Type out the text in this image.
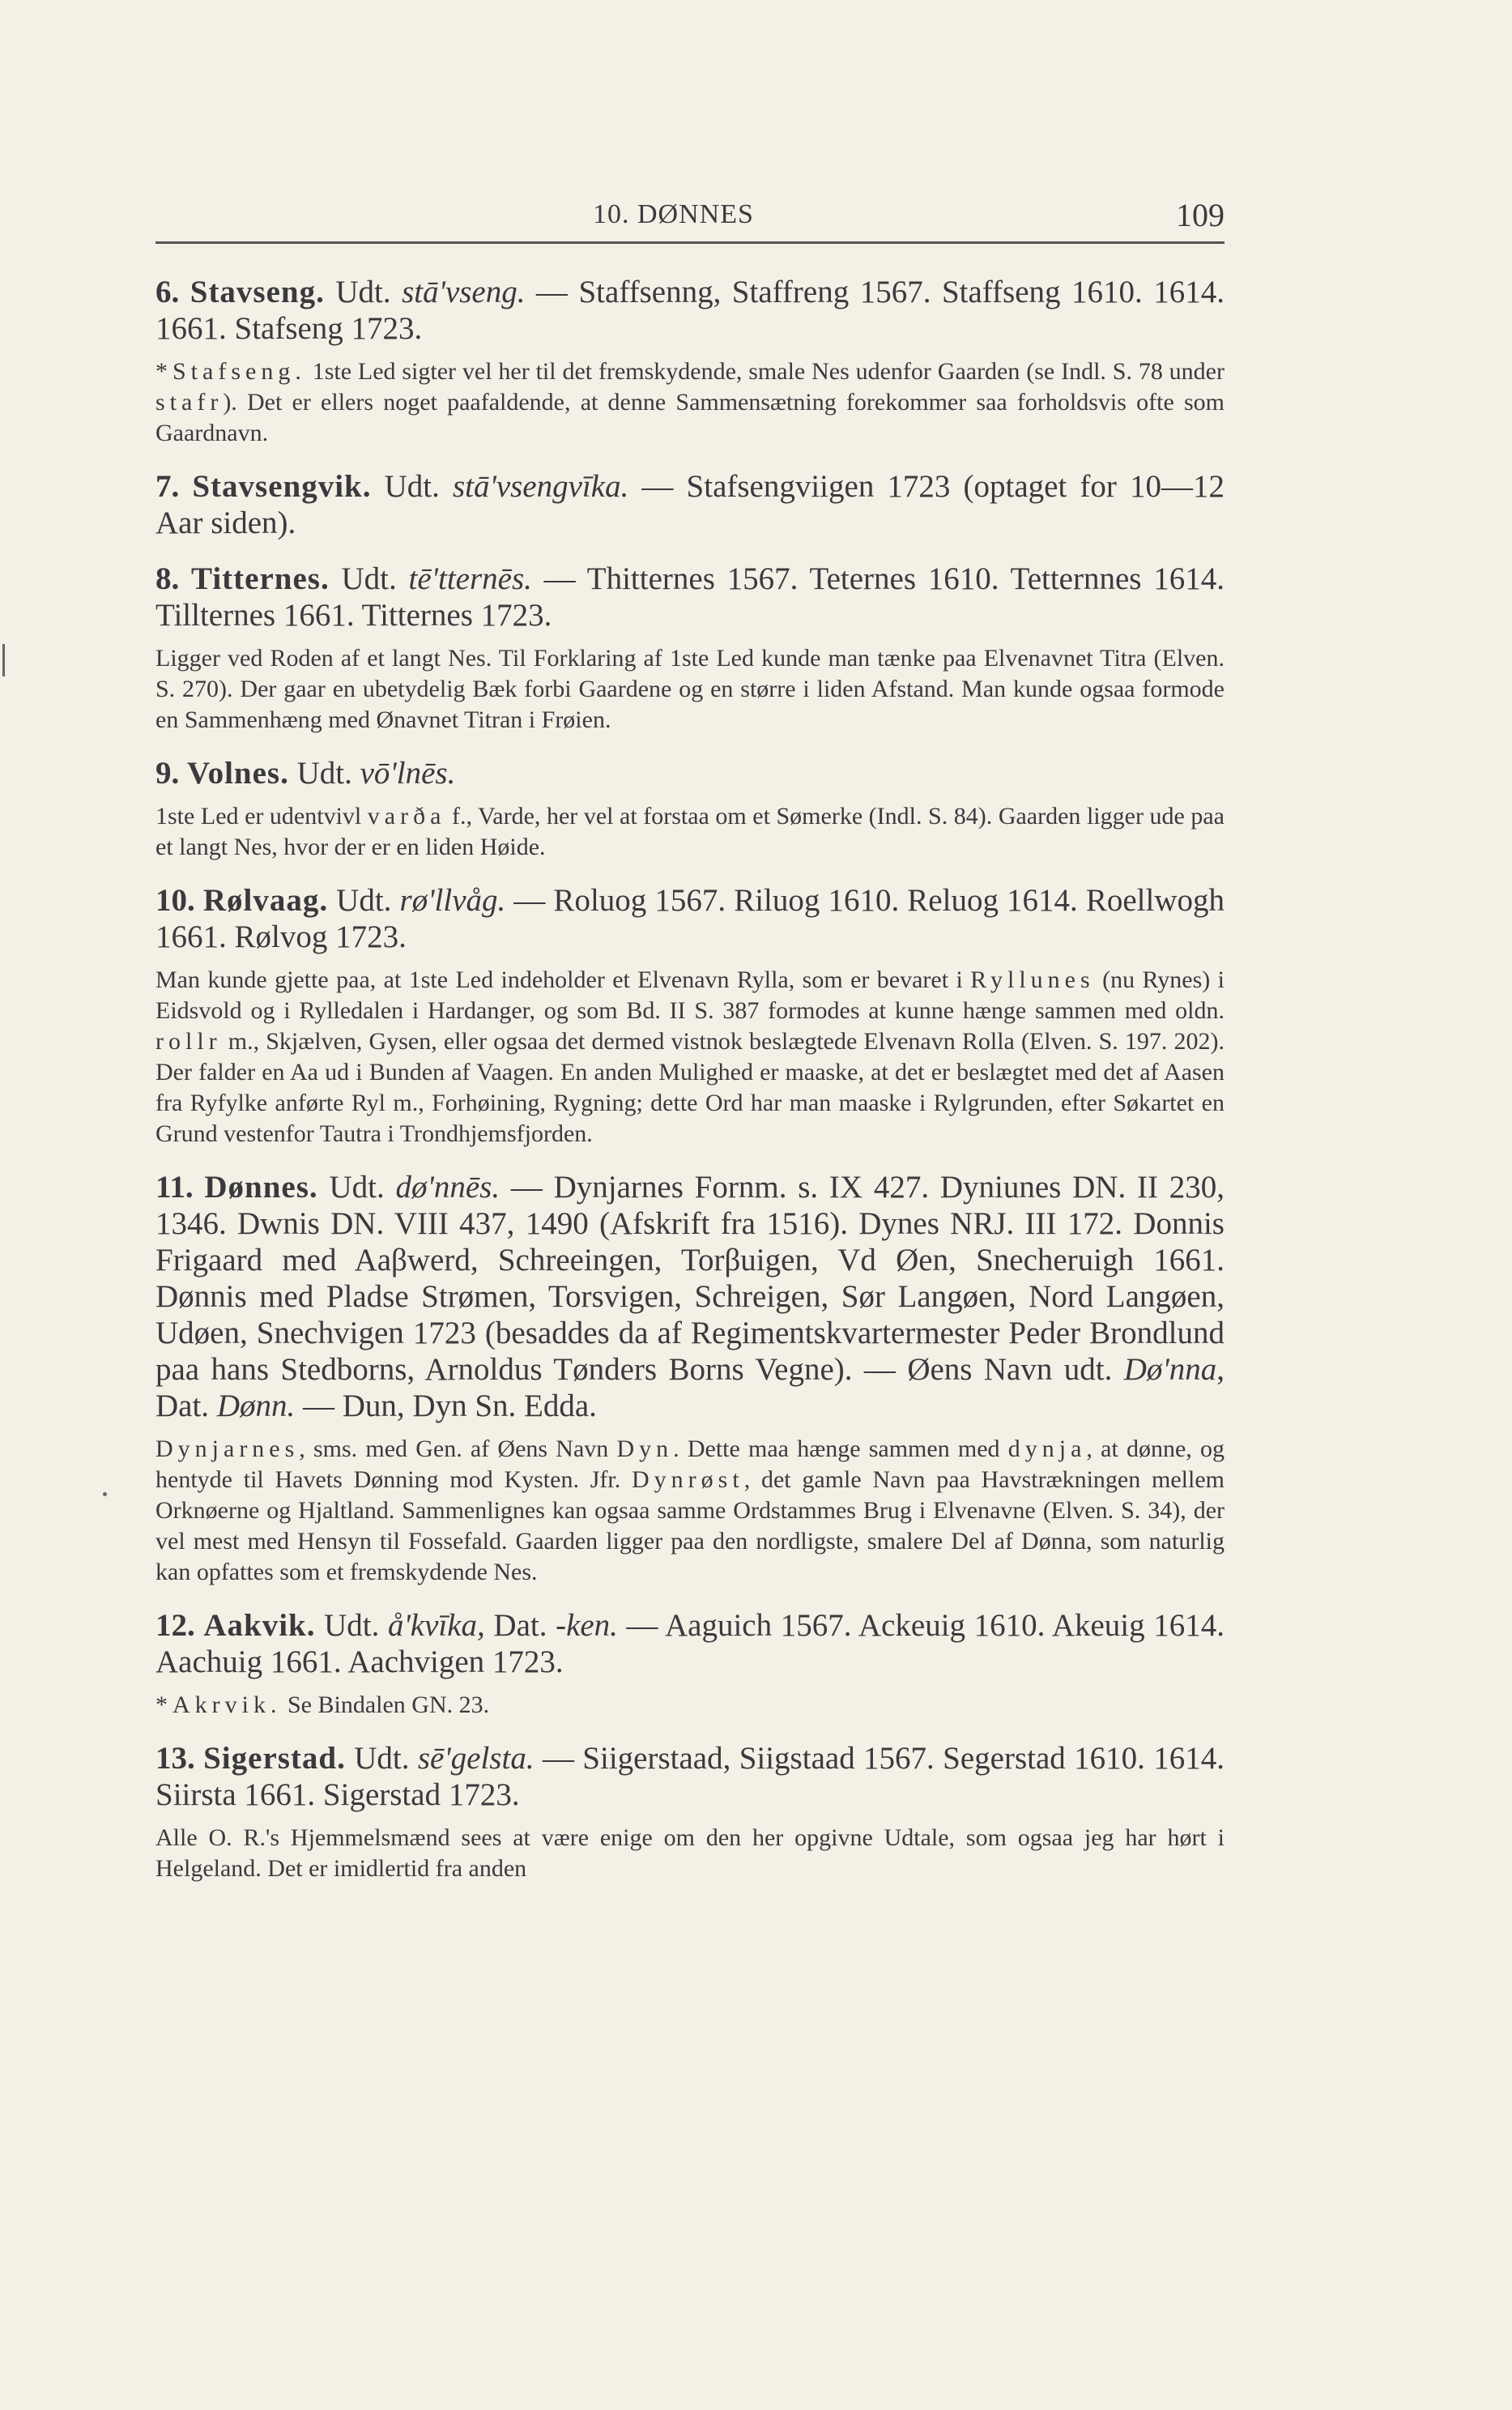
10. DØNNES	109

6. Stavseng. Udt. stā'vseng. — Staffsenng, Staffreng 1567. Staffseng 1610. 1614. 1661. Stafseng 1723.

*Stafseng. 1ste Led sigter vel her til det fremskydende, smale Nes udenfor Gaarden (se Indl. S. 78 under stafr). Det er ellers noget paafaldende, at denne Sammensætning forekommer saa forholdsvis ofte som Gaardnavn.

7. Stavsengvik. Udt. stā'vsengvīka. — Stafsengviigen 1723 (optaget for 10—12 Aar siden).

8. Titternes. Udt. tē'tternēs. — Thitternes 1567. Teternes 1610. Tetternnes 1614. Tillternes 1661. Titternes 1723.

Ligger ved Roden af et langt Nes. Til Forklaring af 1ste Led kunde man tænke paa Elvenavnet Titra (Elven. S. 270). Der gaar en ubetydelig Bæk forbi Gaardene og en større i liden Afstand. Man kunde ogsaa formode en Sammenhæng med Ønavnet Titran i Frøien.

9. Volnes. Udt. vō'lnēs.

1ste Led er udentvivl varða f., Varde, her vel at forstaa om et Sømerke (Indl. S. 84). Gaarden ligger ude paa et langt Nes, hvor der er en liden Høide.

10. Rølvaag. Udt. rø'llvåg. — Roluog 1567. Riluog 1610. Reluog 1614. Roellwogh 1661. Rølvog 1723.

Man kunde gjette paa, at 1ste Led indeholder et Elvenavn Rylla, som er bevaret i Ryllunes (nu Rynes) i Eidsvold og i Rylledalen i Hardanger, og som Bd. II S. 387 formodes at kunne hænge sammen med oldn. rollr m., Skjælven, Gysen, eller ogsaa det dermed vistnok beslægtede Elvenavn Rolla (Elven. S. 197. 202). Der falder en Aa ud i Bunden af Vaagen. En anden Mulighed er maaske, at det er beslægtet med det af Aasen fra Ryfylke anførte Ryl m., Forhøining, Rygning; dette Ord har man maaske i Rylgrunden, efter Søkartet en Grund vestenfor Tautra i Trondhjemsfjorden.

11. Dønnes. Udt. dø'nnēs. — Dynjarnes Fornm. s. IX 427. Dyniunes DN. II 230, 1346. Dwnis DN. VIII 437, 1490 (Afskrift fra 1516). Dynes NRJ. III 172. Donnis Frigaard med Aaβwerd, Schreeingen, Torβuigen, Vd Øen, Snecheruigh 1661. Dønnis med Pladse Strømen, Torsvigen, Schreigen, Sør Langøen, Nord Langøen, Udøen, Snechvigen 1723 (besaddes da af Regimentskvartermester Peder Brondlund paa hans Stedborns, Arnoldus Tønders Borns Vegne). — Øens Navn udt. Dø'nna, Dat. Dønn. — Dun, Dyn Sn. Edda.

Dynjarnes, sms. med Gen. af Øens Navn Dyn. Dette maa hænge sammen med dynja, at dønne, og hentyde til Havets Dønning mod Kysten. Jfr. Dynrøst, det gamle Navn paa Havstrækningen mellem Orknøerne og Hjaltland. Sammenlignes kan ogsaa samme Ordstammes Brug i Elvenavne (Elven. S. 34), der vel mest med Hensyn til Fossefald. Gaarden ligger paa den nordligste, smalere Del af Dønna, som naturlig kan opfattes som et fremskydende Nes.

12. Aakvik. Udt. å'kvīka, Dat. -ken. — Aaguich 1567. Ackeuig 1610. Akeuig 1614. Aachuig 1661. Aachvigen 1723.

*Akrvik. Se Bindalen GN. 23.

13. Sigerstad. Udt. sē'gelsta. — Siigerstaad, Siigstaad 1567. Segerstad 1610. 1614. Siirsta 1661. Sigerstad 1723.

Alle O. R.'s Hjemmelsmænd sees at være enige om den her opgivne Udtale, som ogsaa jeg har hørt i Helgeland. Det er imidlertid fra anden
